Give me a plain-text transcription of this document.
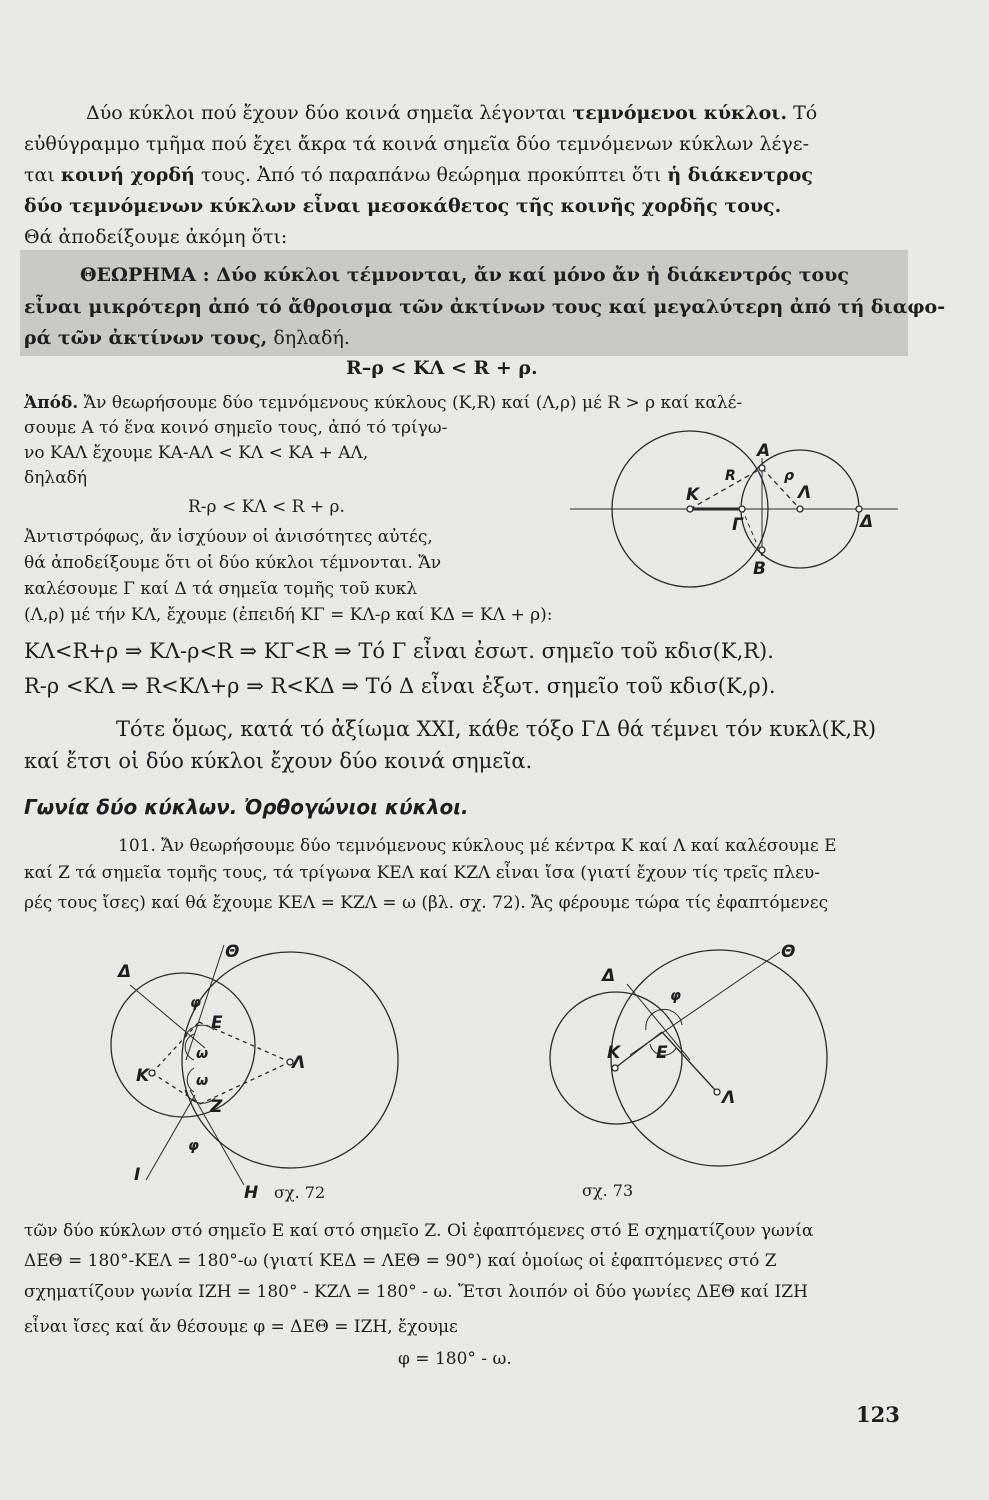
Δύο κύκλοι πού ἔχουν δύο κοινά σημεῖα λέγονται τεμνόμενοι κύκλοι. Τό
εὐθύγραμμο τμῆμα πού ἔχει ἄκρα τά κοινά σημεῖα δύο τεμνόμενων κύκλων λέγε-
ται κοινή χορδή τους. Ἀπό τό παραπάνω θεώρημα προκύπτει ὅτι ἡ διάκεντρος
δύο τεμνόμενων κύκλων εἶναι μεσοκάθετος τῆς κοινῆς χορδῆς τους.
Θά ἀποδείξουμε ἀκόμη ὅτι:
ΘΕΩΡΗΜΑ : Δύο κύκλοι τέμνονται, ἄν καί μόνο ἄν ἡ διάκεντρός τους
εἶναι μικρότερη ἀπό τό ἄθροισμα τῶν ἀκτίνων τους καί μεγαλύτερη ἀπό τή διαφο-
ρά τῶν ἀκτίνων τους, δηλαδή.
R–ρ < ΚΛ < R + ρ.
Ἀπόδ. Ἄν θεωρήσουμε δύο τεμνόμενους κύκλους (Κ,R) καί (Λ,ρ) μέ R > ρ καί καλέ-
σουμε Α τό ἕνα κοινό σημεῖο τους, ἀπό τό τρίγω-
νο ΚΑΛ ἔχουμε ΚΑ-ΑΛ < ΚΛ < ΚΑ + ΑΛ,
δηλαδή
R-ρ < ΚΛ < R + ρ.
Ἀντιστρόφως, ἄν ἰσχύουν οἱ ἀνισότητες αὐτές,
θά ἀποδείξουμε ὅτι οἱ δύο κύκλοι τέμνονται. Ἄν
καλέσουμε Γ καί Δ τά σημεῖα τομῆς τοῦ κυκλ
(Λ,ρ) μέ τήν ΚΛ, ἔχουμε (ἐπειδή ΚΓ = ΚΛ-ρ καί ΚΔ = ΚΛ + ρ):
ΚΛ<R+ρ ⇒ ΚΛ-ρ<R ⇒ ΚΓ<R ⇒ Τό Γ εἶναι ἐσωτ. σημεῖο τοῦ κδισ(K,R).
R-ρ <ΚΛ ⇒ R<ΚΛ+ρ ⇒ R<ΚΔ ⇒ Τό Δ εἶναι ἐξωτ. σημεῖο τοῦ κδισ(Κ,ρ).
Τότε ὅμως, κατά τό ἀξίωμα XXI, κάθε τόξο ΓΔ θά τέμνει τόν κυκλ(K,R)
καί ἔτσι οἱ δύο κύκλοι ἔχουν δύο κοινά σημεῖα.
Γωνία δύο κύκλων. Ὀρθογώνιοι κύκλοι.
101. Ἄν θεωρήσουμε δύο τεμνόμενους κύκλους μέ κέντρα Κ καί Λ καί καλέσουμε Ε
καί Ζ τά σημεῖα τομῆς τους, τά τρίγωνα ΚΕΛ καί ΚΖΛ εἶναι ἴσα (γιατί ἔχουν τίς τρεῖς πλευ-
ρές τους ἴσες) καί θά ἔχουμε ΚΕΛ = ΚΖΛ = ω (βλ. σχ. 72). Ἄς φέρουμε τώρα τίς ἐφαπτόμενες
τῶν δύο κύκλων στό σημεῖο Ε καί στό σημεῖο Ζ. Οἱ ἐφαπτόμενες στό Ε σχηματίζουν γωνία
ΔΕΘ = 180°-ΚΕΛ = 180°-ω (γιατί ΚΕΔ = ΛΕΘ = 90°) καί ὁμοίως οἱ ἐφαπτόμενες στό Ζ
σχηματίζουν γωνία ΙΖΗ = 180° - ΚΖΛ = 180° - ω. Ἔτσι λοιπόν οἱ δύο γωνίες ΔΕΘ καί ΙΖΗ
εἶναι ἴσες καί ἄν θέσουμε φ = ΔΕΘ = ΙΖΗ, ἔχουμε
φ = 180° - ω.
123
Α
R	ρ
Κ	Λ
Γ	Δ
Β
Δ
Θ
φ
Ε
Κ
Λ
ω
ω
Ζ
φ
Ι
Η σχ. 72
Δ
Θ
φ
Κ Ε
Λ
σχ. 73
